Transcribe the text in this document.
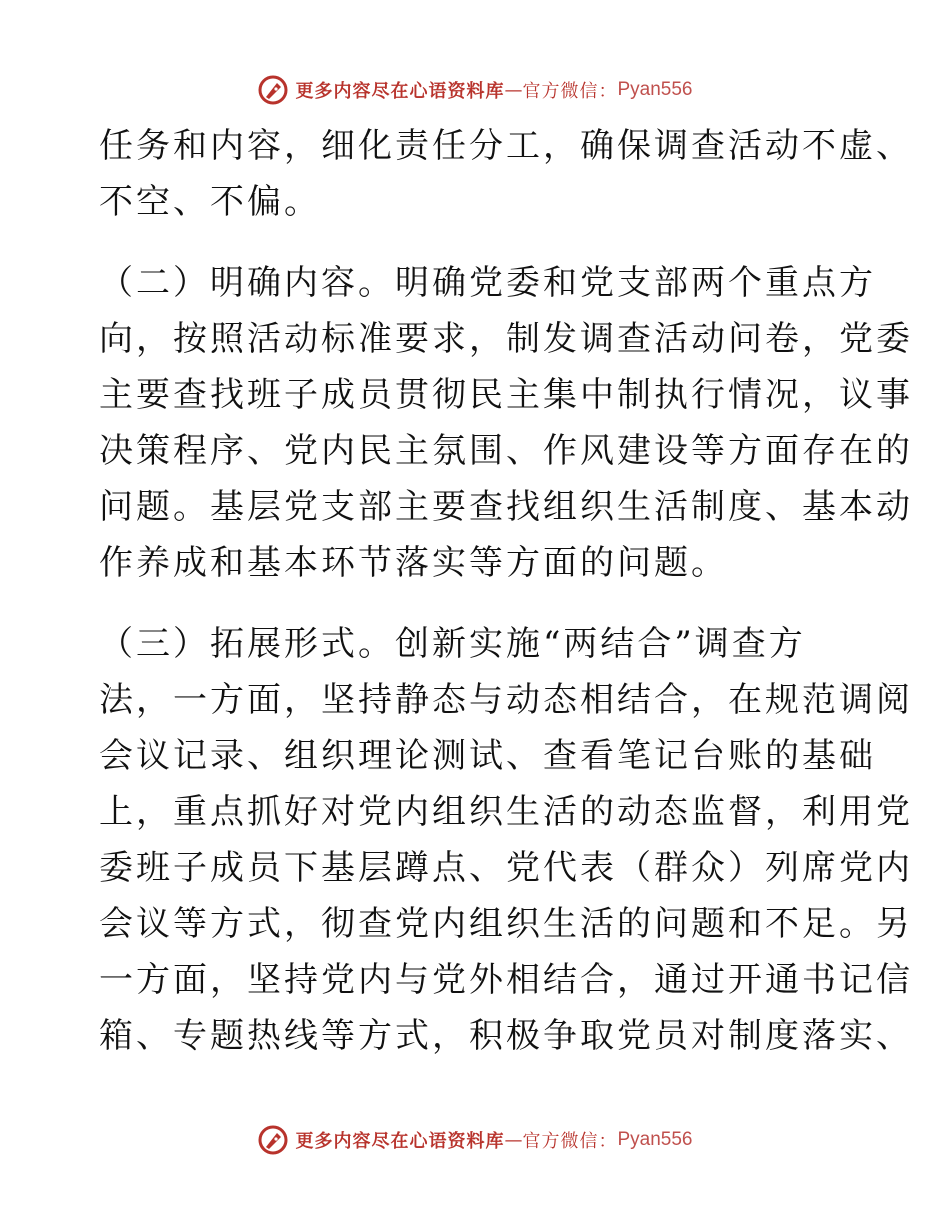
更多内容尽在心语资料库 — 官方微信： Pyan556
任务和内容，细化责任分工，确保调查活动不虚、
不空、不偏。
（二）明确内容。明确党委和党支部两个重点方
向，按照活动标准要求，制发调查活动问卷，党委
主要查找班子成员贯彻民主集中制执行情况，议事
决策程序、党内民主氛围、作风建设等方面存在的
问题。基层党支部主要查找组织生活制度、基本动
作养成和基本环节落实等方面的问题。
（三）拓展形式。创新实施“两结合”调查方
法，一方面，坚持静态与动态相结合，在规范调阅
会议记录、组织理论测试、查看笔记台账的基础
上，重点抓好对党内组织生活的动态监督，利用党
委班子成员下基层蹲点、党代表（群众）列席党内
会议等方式，彻查党内组织生活的问题和不足。另
一方面，坚持党内与党外相结合，通过开通书记信
箱、专题热线等方式，积极争取党员对制度落实、
更多内容尽在心语资料库 — 官方微信： Pyan556
